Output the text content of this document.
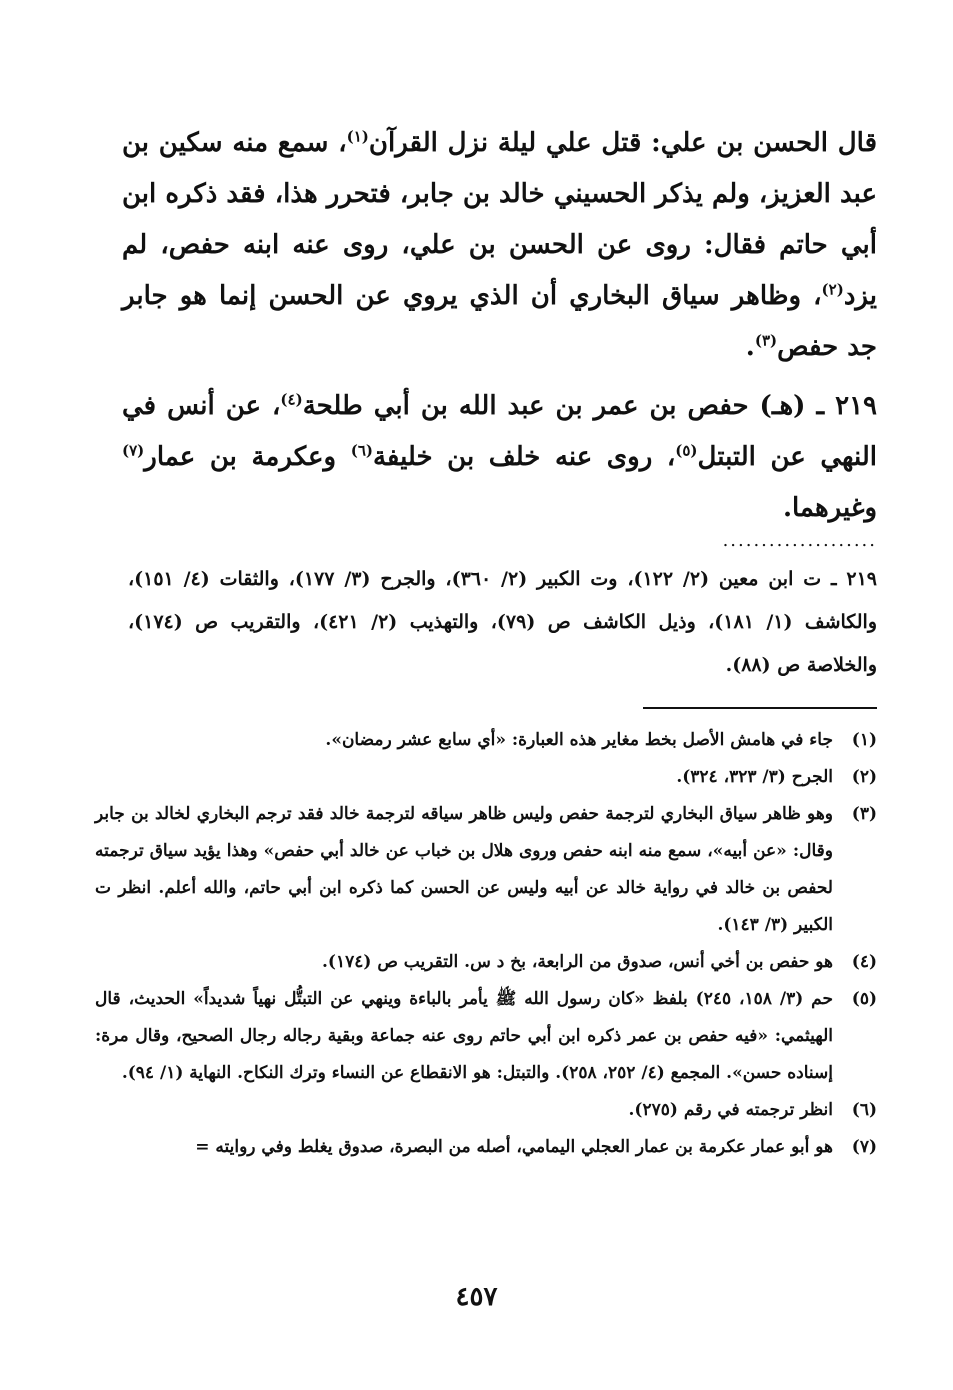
قال الحسن بن علي: قتل علي ليلة نزل القرآن$^{(١)}$، سمع منه سكين بن عبد العزيز، ولم يذكر الحسيني خالد بن جابر، فتحرر هذا، فقد ذكره ابن أبي حاتم فقال: روى عن الحسن بن علي، روى عنه ابنه حفص، لم يزد$^{(٢)}$، وظاهر سياق البخاري أن الذي يروي عن الحسن إنما هو جابر جد حفص$^{(٣)}$.

٢١٩ ـ (هـ) حفص بن عمر بن عبد الله بن أبي طلحة$^{(٤)}$، عن أنس في النهي عن التبتل$^{(٥)}$، روى عنه خلف بن خليفة$^{(٦)}$ وعكرمة بن عمار$^{(٧)}$ وغيرهما.

....................
٢١٩ ـ ت ابن معين (٢/ ١٢٢)، وت الكبير (٢/ ٣٦٠)، والجرح (٣/ ١٧٧)، والثقات (٤/ ١٥١)، والكاشف (١/ ١٨١)، وذيل الكاشف ص (٧٩)، والتهذيب (٢/ ٤٢١)، والتقريب ص (١٧٤)، والخلاصة ص (٨٨).
(١)
جاء في هامش الأصل بخط مغاير هذه العبارة: «أي سابع عشر رمضان».
(٢)
الجرح (٣/ ٣٢٣، ٣٢٤).
(٣)
وهو ظاهر سياق البخاري لترجمة حفص وليس ظاهر سياقه لترجمة خالد فقد ترجم البخاري لخالد بن جابر وقال: «عن أبيه»، سمع منه ابنه حفص وروى هلال بن خباب عن خالد أبي حفص» وهذا يؤيد سياق ترجمته لحفص بن خالد في رواية خالد عن أبيه وليس عن الحسن كما ذكره ابن أبي حاتم، والله أعلم. انظر ت الكبير (٣/ ١٤٣).
(٤)
هو حفص بن أخي أنس، صدوق من الرابعة، بخ د س. التقريب ص (١٧٤).
(٥)
حم (٣/ ١٥٨، ٢٤٥) بلفظ «كان رسول الله ﷺ يأمر بالباءة وينهي عن التبتُّل نهياً شديداً» الحديث، قال الهيثمي: «فيه حفص بن عمر ذكره ابن أبي حاتم روى عنه جماعة وبقية رجاله رجال الصحيح، وقال مرة: إسناده حسن». المجمع (٤/ ٢٥٢، ٢٥٨). والتبتل: هو الانقطاع عن النساء وترك النكاح. النهاية (١/ ٩٤).
(٦)
انظر ترجمته في رقم (٢٧٥).
(٧)
هو أبو عمار عكرمة بن عمار العجلي اليمامي، أصله من البصرة، صدوق يغلط وفي روايته =
٤٥٧
